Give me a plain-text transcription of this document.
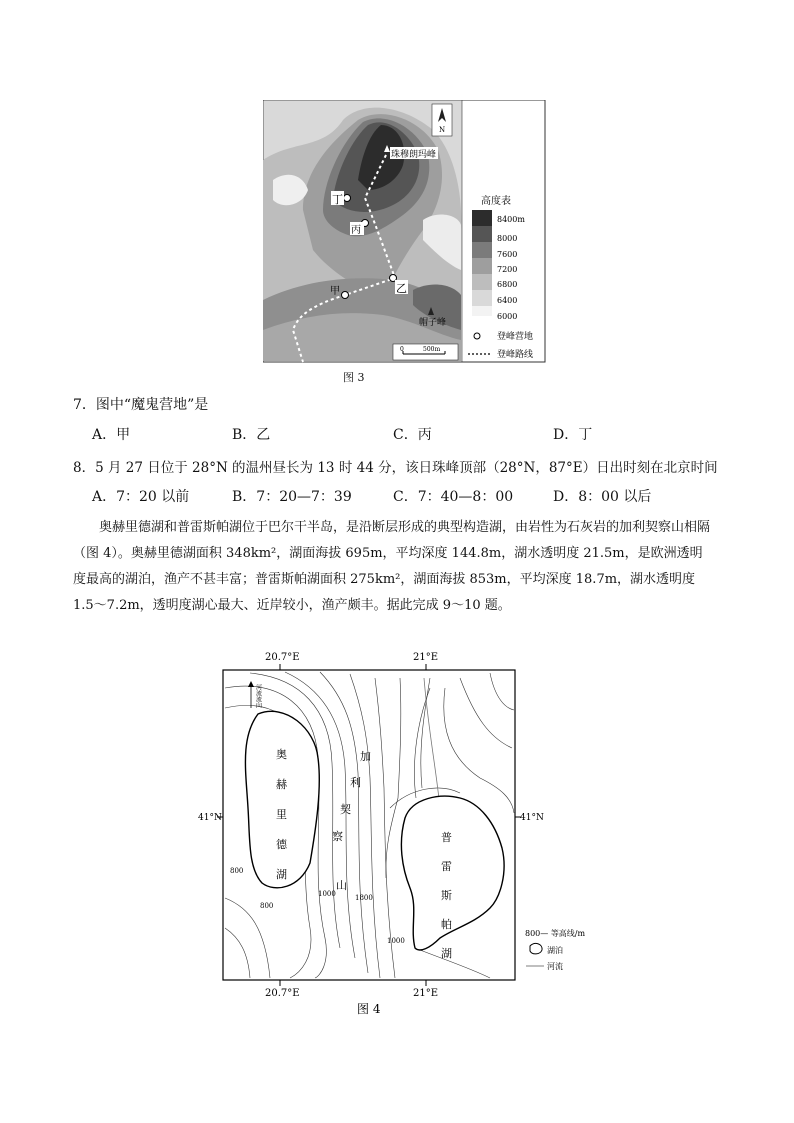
丁
丙
乙
甲
珠穆朗玛峰
帽子峰
N
0	500m
高度表
8400m
8000
7600
7200
6800
6400
6000
登峰营地
登峰路线
图 3
7．图中“魔鬼营地”是
A．甲	B．乙	C．丙	D．丁
8．5 月 27 日位于 28°N 的温州昼长为 13 时 44 分，该日珠峰顶部（28°N，87°E）日出时刻在北京时间
A．7：20 以前	B．7：20—7：39	C．7：40—8：00	D．8：00 以后
奥赫里德湖和普雷斯帕湖位于巴尔干半岛，是沿断层形成的典型构造湖，由岩性为石灰岩的加利契察山相隔（图 4）。奥赫里德湖面积 348km²，湖面海拔 695m，平均深度 144.8m，湖水透明度 21.5m，是欧洲透明度最高的湖泊，渔产不甚丰富；普雷斯帕湖面积 275km²，湖面海拔 853m，平均深度 18.7m，湖水透明度 1.5～7.2m，透明度湖心最大、近岸较小，渔产颇丰。据此完成 9～10 题。
20.7°E	21°E
河流流向
奥
赫
里
德
湖
普
雷
斯
帕
湖
加
利
契
察
山
800
1000	1800
1000
800
41°N	41°N
20.7°E	21°E
800— 等高线/m
湖泊
河流
图 4
